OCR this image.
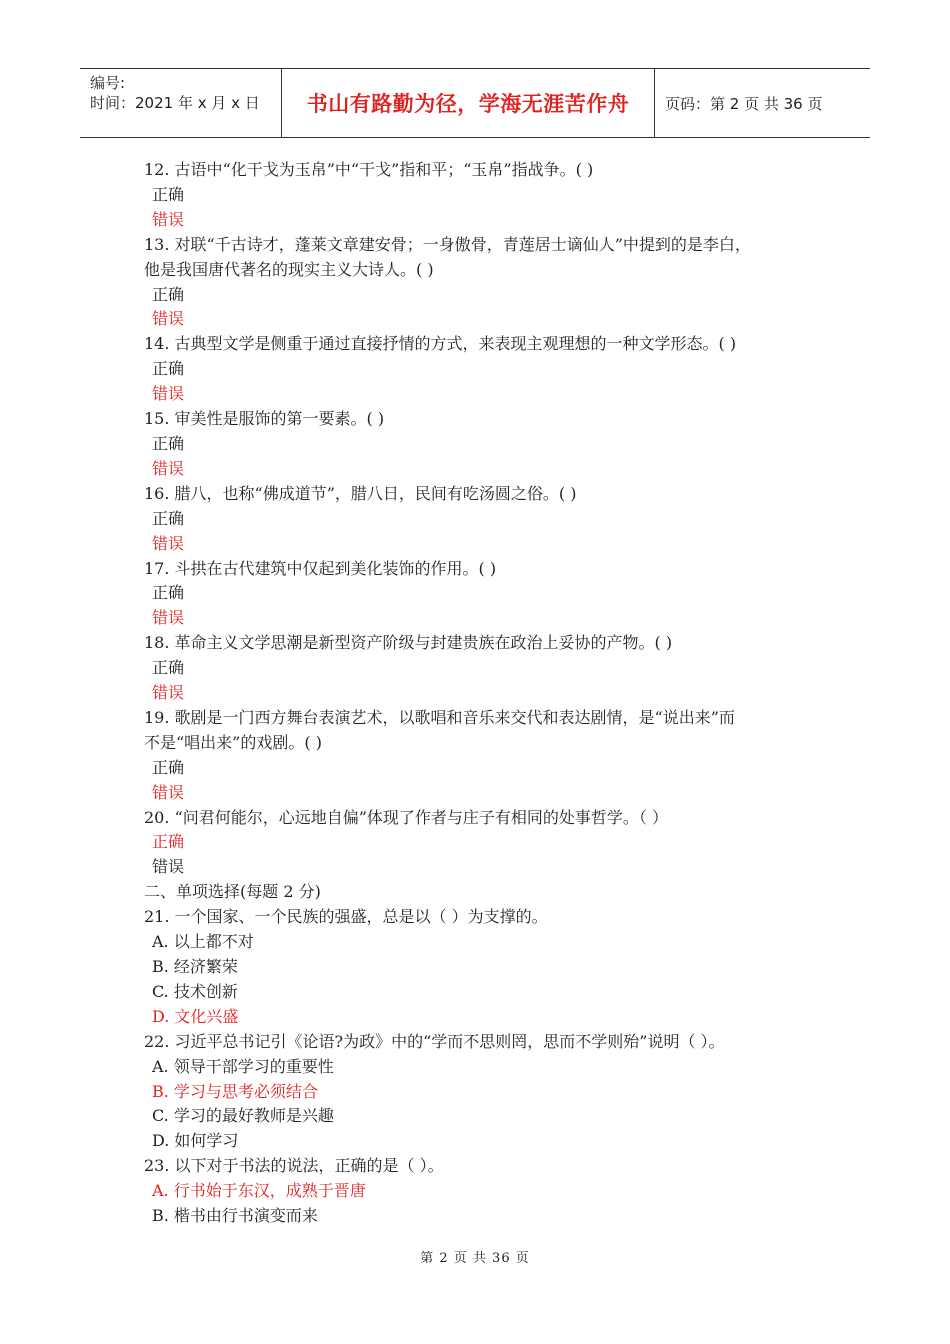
编号:
时间：2021 年 x 月 x 日	书山有路勤为径，学海无涯苦作舟	页码：第 2 页 共 36 页
12. 古语中“化干戈为玉帛”中“干戈”指和平；“玉帛”指战争。( )
正确
错误
13. 对联“千古诗才，蓬莱文章建安骨；一身傲骨，青莲居士谪仙人”中提到的是李白，
他是我国唐代著名的现实主义大诗人。( )
正确
错误
14. 古典型文学是侧重于通过直接抒情的方式，来表现主观理想的一种文学形态。( )
正确
错误
15. 审美性是服饰的第一要素。( )
正确
错误
16. 腊八，也称“佛成道节”，腊八日，民间有吃汤圆之俗。( )
正确
错误
17. 斗拱在古代建筑中仅起到美化装饰的作用。( )
正确
错误
18. 革命主义文学思潮是新型资产阶级与封建贵族在政治上妥协的产物。( )
正确
错误
19. 歌剧是一门西方舞台表演艺术，以歌唱和音乐来交代和表达剧情，是“说出来”而
不是“唱出来”的戏剧。( )
正确
错误
20. “问君何能尔，心远地自偏”体现了作者与庄子有相同的处事哲学。（ ）
正确
错误
二、单项选择(每题 2 分)
21. 一个国家、一个民族的强盛，总是以（ ）为支撑的。
A. 以上都不对
B. 经济繁荣
C. 技术创新
D. 文化兴盛
22. 习近平总书记引《论语?为政》中的“学而不思则罔，思而不学则殆”说明（ ）。
A. 领导干部学习的重要性
B. 学习与思考必须结合
C. 学习的最好教师是兴趣
D. 如何学习
23. 以下对于书法的说法，正确的是（ ）。
A. 行书始于东汉，成熟于晋唐
B. 楷书由行书演变而来
第 2 页 共 36 页
